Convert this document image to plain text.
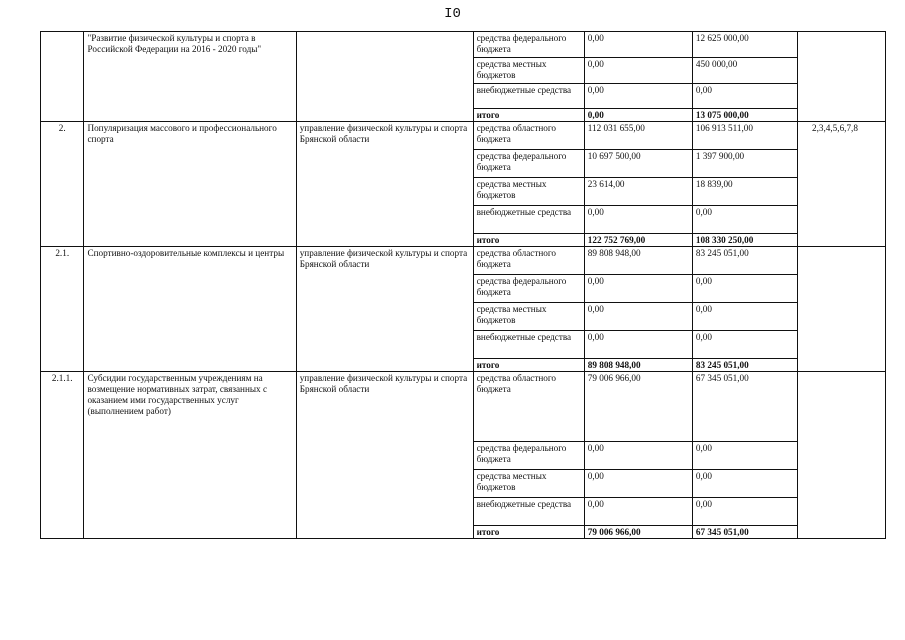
I0
	"Развитие физической культуры и спорта в Российской Федерации на 2016 - 2020 годы"		средства федерального бюджета	0,00	12 625 000,00	
			средства местных бюджетов	0,00	450 000,00	
			внебюджетные средства	0,00	0,00	
			итого	0,00	13 075 000,00	
2.	Популяризация массового и профессионального спорта	управление физической культуры и спорта Брянской области	средства областного бюджета	112 031 655,00	106 913 511,00	2,3,4,5,6,7,8
			средства федерального бюджета	10 697 500,00	1 397 900,00	
			средства местных бюджетов	23 614,00	18 839,00	
			внебюджетные средства	0,00	0,00	
			итого	122 752 769,00	108 330 250,00	
2.1.	Спортивно-оздоровительные комплексы и центры	управление физической культуры и спорта Брянской области	средства областного бюджета	89 808 948,00	83 245 051,00	
			средства федерального бюджета	0,00	0,00	
			средства местных бюджетов	0,00	0,00	
			внебюджетные средства	0,00	0,00	
			итого	89 808 948,00	83 245 051,00	
2.1.1.	Субсидии государственным учреждениям на возмещение нормативных затрат, связанных с оказанием ими государственных услуг (выполнением работ)	управление физической культуры и спорта Брянской области	средства областного бюджета	79 006 966,00	67 345 051,00	
			средства федерального бюджета	0,00	0,00	
			средства местных бюджетов	0,00	0,00	
			внебюджетные средства	0,00	0,00	
			итого	79 006 966,00	67 345 051,00	
